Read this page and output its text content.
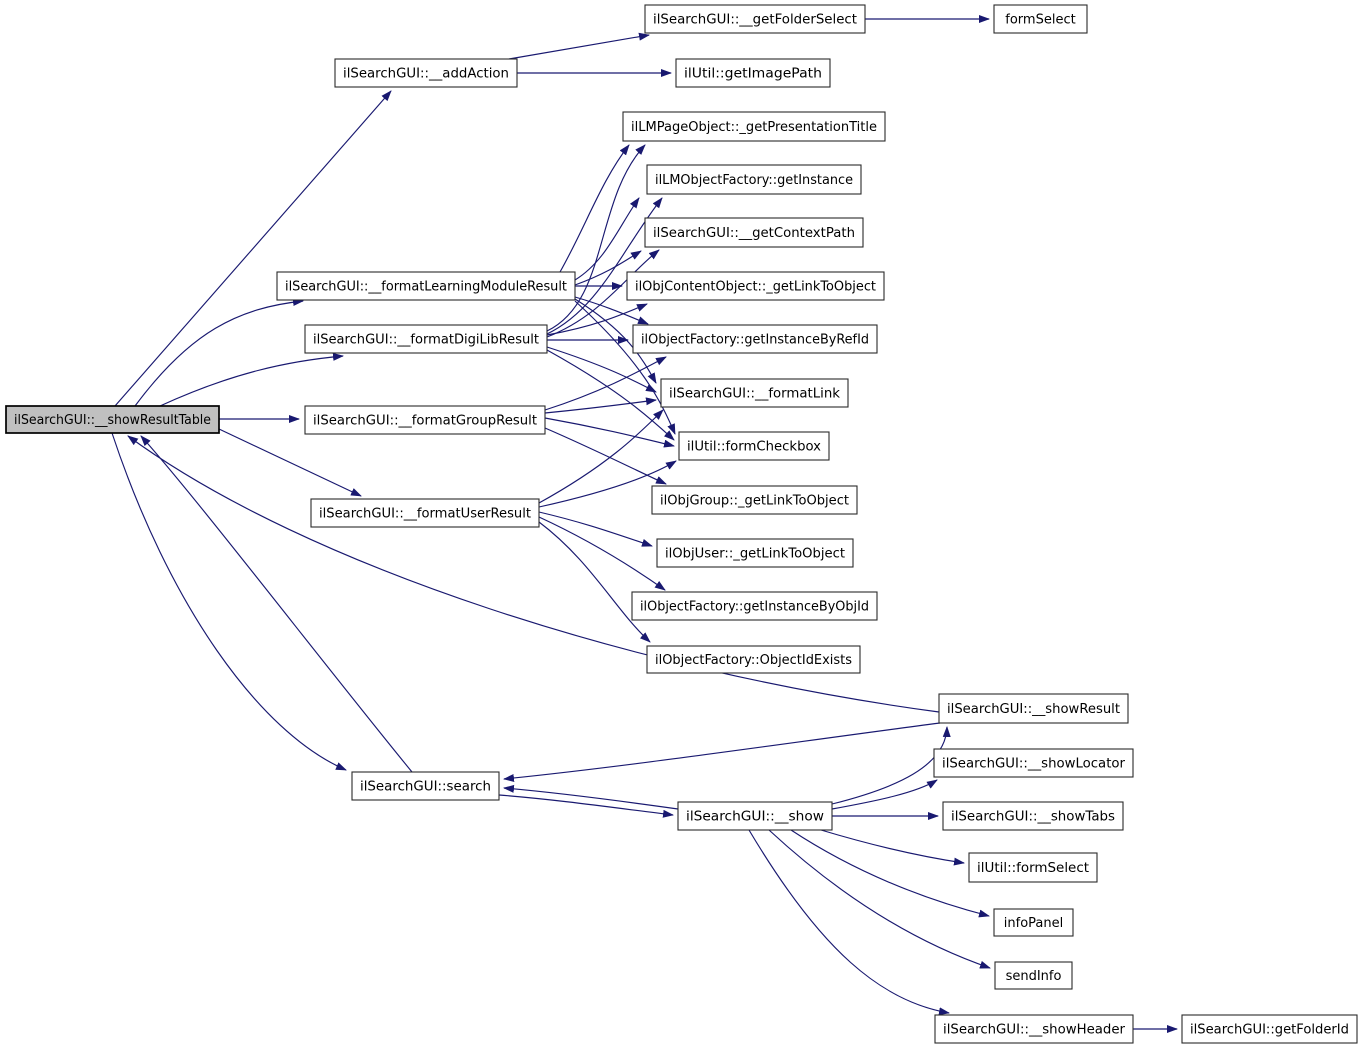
ilSearchGUI::__showResultTable
ilSearchGUI::__addAction
ilSearchGUI::__getFolderSelect	formSelect
ilUtil::getImagePath
ilLMPageObject::_getPresentationTitle
ilLMObjectFactory::getInstance
ilSearchGUI::__getContextPath
ilSearchGUI::__formatLearningModuleResult	ilObjContentObject::_getLinkToObject
ilSearchGUI::__formatDigiLibResult	ilObjectFactory::getInstanceByRefId
ilSearchGUI::__formatLink
ilSearchGUI::__formatGroupResult
ilUtil::formCheckbox
ilObjGroup::_getLinkToObject
ilSearchGUI::__formatUserResult
ilObjUser::_getLinkToObject
ilObjectFactory::getInstanceByObjId
ilObjectFactory::ObjectIdExists
ilSearchGUI::__showResult
ilSearchGUI::__showLocator
ilSearchGUI::search
ilSearchGUI::__show	ilSearchGUI::__showTabs
ilUtil::formSelect
infoPanel
sendInfo
ilSearchGUI::__showHeader	ilSearchGUI::getFolderId
